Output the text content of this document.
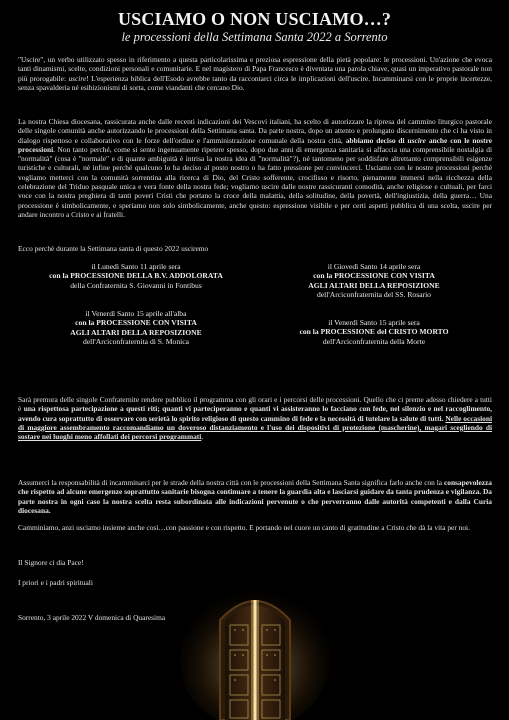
USCIAMO O NON USCIAMO…?
le processioni della Settimana Santa 2022 a Sorrento
"Uscire", un verbo utilizzato spesso in riferimento a questa particolarissima e preziosa espressione della pietà popolare: le processioni. Un'azione che evoca tanti dinamismi, scelte, condizioni personali e comunitarie. E nel magistero di Papa Francesco è diventata una parola chiave, quasi un imperativo pastorale non più prorogabile: uscire! L'esperienza biblica dell'Esodo avrebbe tanto da raccontarci circa le implicazioni dell'uscire. Incamminarsi con le proprie incertezze, senza spavalderia né esibizionismi di sorta, come viandanti che cercano Dio.
La nostra Chiesa diocesana, rassicurata anche dalle recenti indicazioni dei Vescovi italiani, ha scelto di autorizzare la ripresa del cammino liturgico pastorale delle singole comunità anche autorizzando le processioni della Settimana santa. Da parte nostra, dopo un attento e prolungato discernimento che ci ha visto in dialogo rispettoso e collaborativo con le forze dell'ordine e l'amministrazione comunale della nostra città, abbiamo deciso di uscire anche con le nostre processioni. Non tanto perché, come si sente ingenuamente ripetere spesso, dopo due anni di emergenza sanitaria si affaccia una comprensibile nostalgia di "normalità" (cosa è "normale" e di quante ambiguità è intrisa la nostra idea di "normalità"?), né tantomeno per soddisfare altrettanto comprensibili esigenze turistiche e culturali, né infine perché qualcuno lo ha deciso al posto nostro o ha fatto pressione per convincerci. Usciamo con le nostre processioni perché vogliamo metterci con la comunità sorrentina alla ricerca di Dio, del Cristo sofferente, crocifisso e risorto, pienamente immersi nella ricchezza della celebrazione del Triduo pasquale unica e vera fonte della nostra fede; vogliamo uscire dalle nostre rassicuranti comodità, anche religiose e cultuali, per farci voce con la nostra preghiera di tanti poveri Cristi che portano la croce della malattia, della solitudine, della povertà, dell'ingiustizia, della guerra… Una processione è simbolicamente, e speriamo non solo simbolicamente, anche questo: espressione visibile e per certi aspetti pubblica di una scelta, uscire per andare incontro a Cristo e ai fratelli.
Ecco perchè durante la Settimana santa di questo 2022 usciremo
il Lunedì Santo 11 aprile sera
con la PROCESSIONE DELLA B.V. ADDOLORATA
della Confraternita S. Giovanni in Fontibus
il Venerdì Santo 15 aprile all'alba
con la PROCESSIONE CON VISITA
AGLI ALTARI DELLA REPOSIZIONE
dell'Arciconfraternita di S. Monica
il Giovedì Santo 14 aprile sera
con la PROCESSIONE CON VISITA
AGLI ALTARI DELLA REPOSIZIONE
dell'Arciconfraternita del SS. Rosario
il Venerdì Santo 15 aprile sera
con la PROCESSIONE del CRISTO MORTO
dell'Arciconfraternita della Morte
Sarà premura delle singole Confraternite rendere pubblico il programma con gli orari e i percorsi delle processioni. Quello che ci preme adesso chiedere a tutti è una rispettosa partecipazione a questi riti; quanti vi parteciperanno e quanti vi assisteranno lo facciano con fede, nel silenzio e nel raccoglimento, avendo cura soprattutto di osservare con serietà lo spirito religioso di questo cammino di fede e la necessità di tutelare la salute di tutti. Nelle occasioni di maggiore assembramento raccomandiamo un doveroso distanziamento e l'uso dei dispositivi di protezione (mascherine), magari scegliendo di sostare nei luoghi meno affollati dei percorsi programmati.
Assumerci la responsabilità di incamminarci per le strade della nostra città con le processioni della Settimana Santa significa farlo anche con la consapevolezza che rispetto ad alcune emergenze soprattutto sanitarie bisogna continuare a tenere la guardia alta e lasciarsi guidare da tanta prudenza e vigilanza. Da parte nostra in ogni caso la nostra scelta resta subordinata alle indicazioni pervenute o che perverranno dalle autorità competenti e dalla Curia diocesana.
Camminiamo, anzi usciamo insieme anche così…con passione e con rispetto. E portando nel cuore un canto di gratitudine a Cristo che dà la vita per noi.
Il Signore ci dia Pace!
I priori e i padri spirituali
Sorrento, 3 aprile 2022 V domenica di Quaresima
